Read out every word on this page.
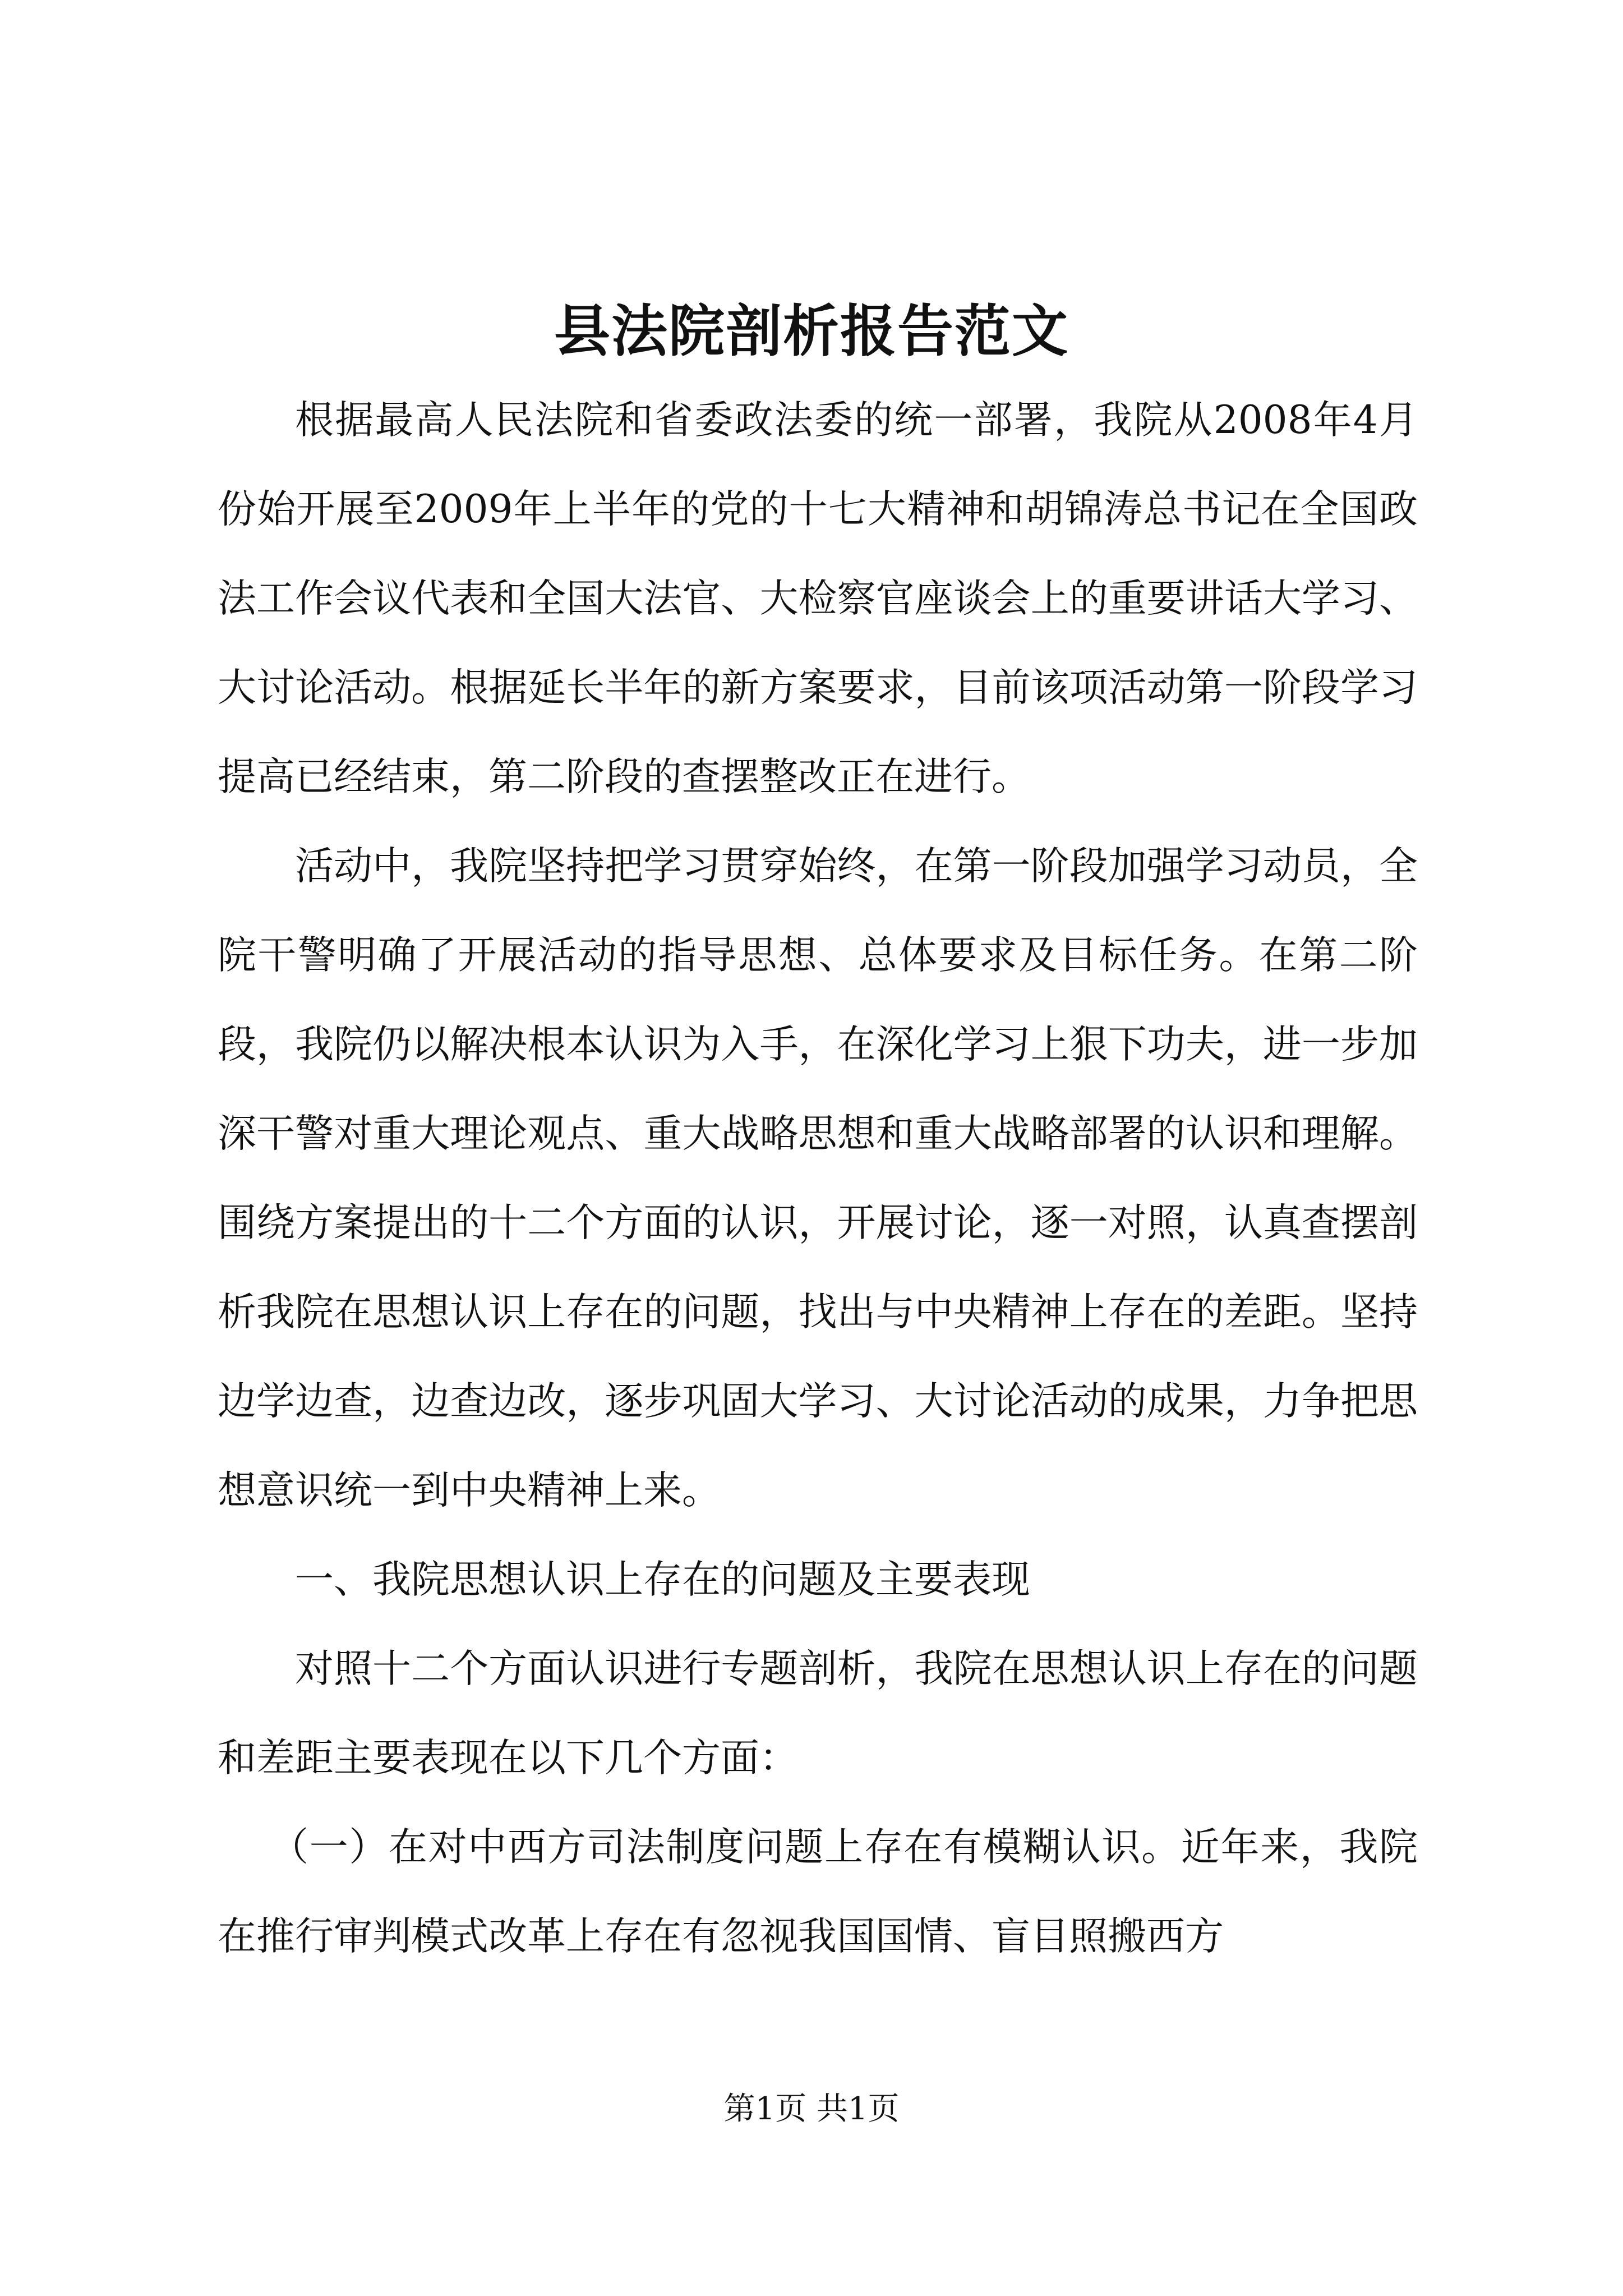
县法院剖析报告范文

根据最高人民法院和省委政法委的统一部署，我院从2008年4月份始开展至2009年上半年的党的十七大精神和胡锦涛总书记在全国政法工作会议代表和全国大法官、大检察官座谈会上的重要讲话大学习、大讨论活动。根据延长半年的新方案要求，目前该项活动第一阶段学习提高已经结束，第二阶段的查摆整改正在进行。

活动中，我院坚持把学习贯穿始终，在第一阶段加强学习动员，全院干警明确了开展活动的指导思想、总体要求及目标任务。在第二阶段，我院仍以解决根本认识为入手，在深化学习上狠下功夫，进一步加深干警对重大理论观点、重大战略思想和重大战略部署的认识和理解。围绕方案提出的十二个方面的认识，开展讨论，逐一对照，认真查摆剖析我院在思想认识上存在的问题，找出与中央精神上存在的差距。坚持边学边查，边查边改，逐步巩固大学习、大讨论活动的成果，力争把思想意识统一到中央精神上来。

一、我院思想认识上存在的问题及主要表现

对照十二个方面认识进行专题剖析，我院在思想认识上存在的问题和差距主要表现在以下几个方面：

（一）在对中西方司法制度问题上存在有模糊认识。近年来，我院在推行审判模式改革上存在有忽视我国国情、盲目照搬西方

第1页 共1页
